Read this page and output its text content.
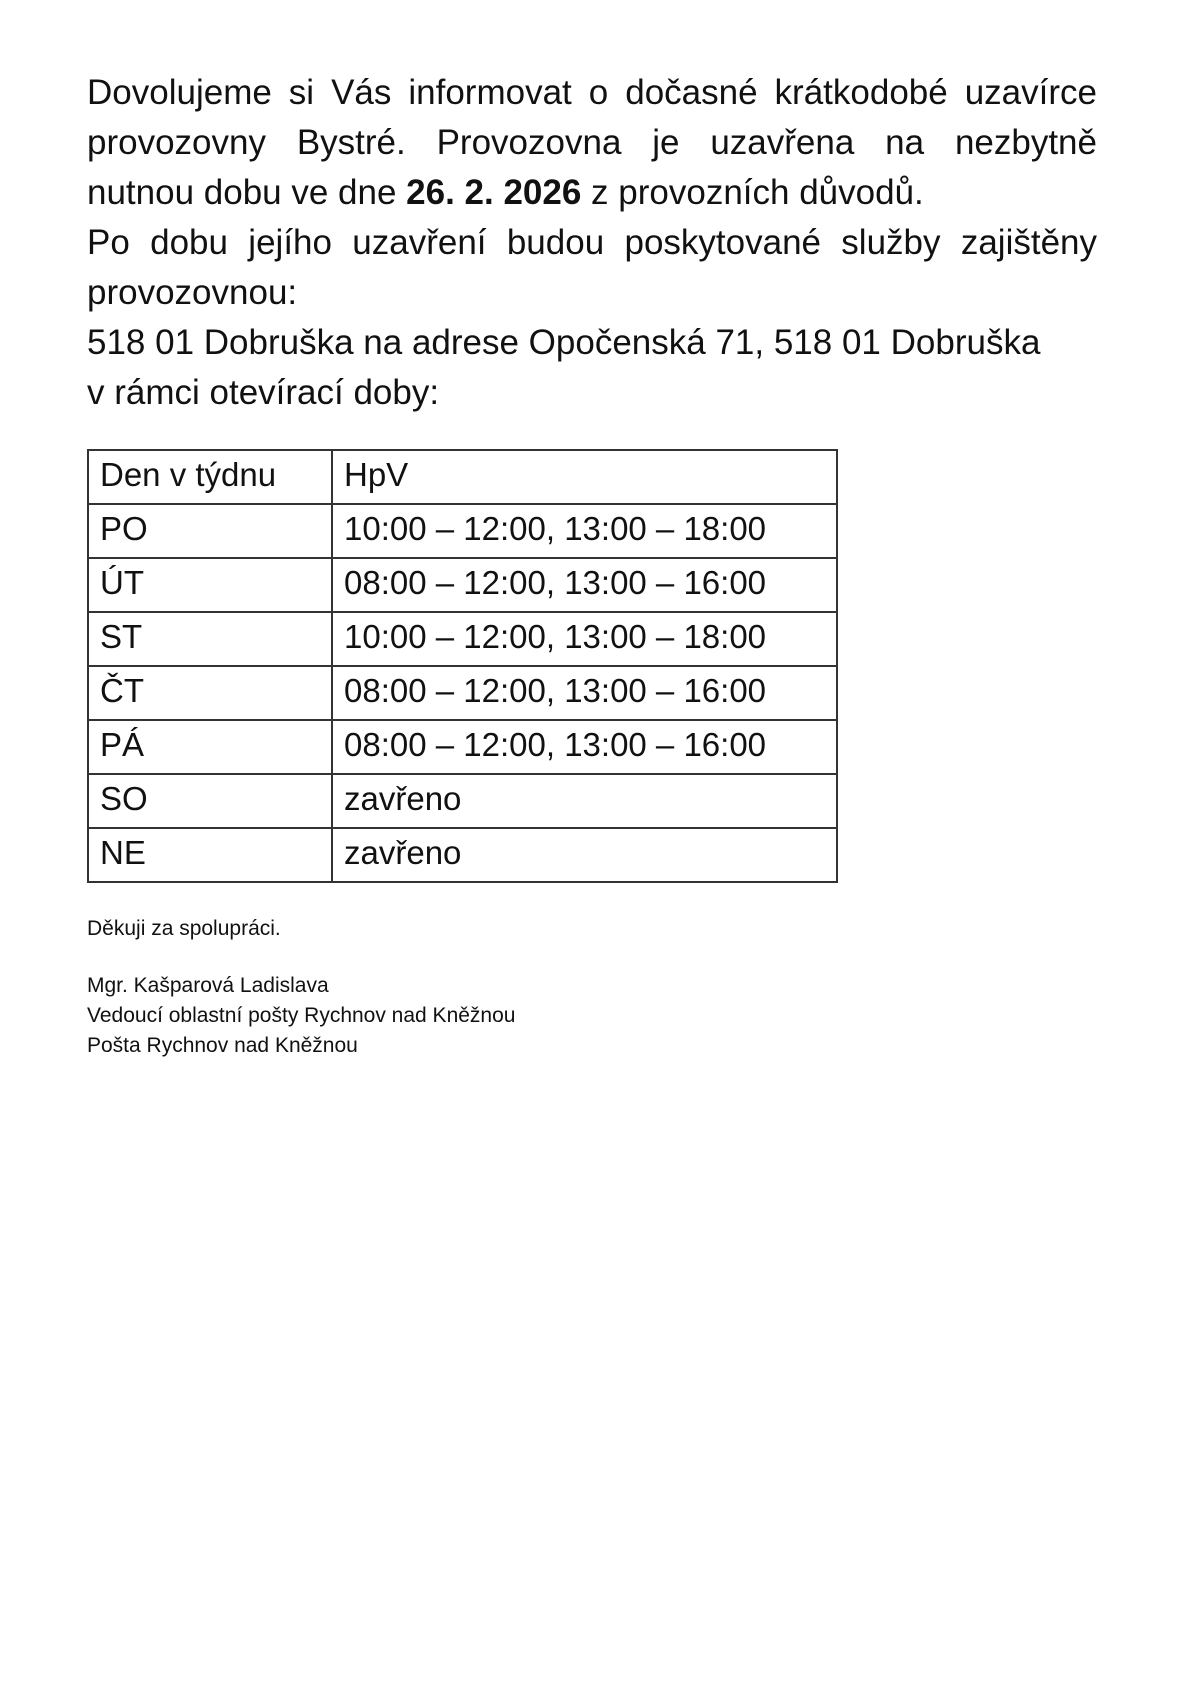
Dovolujeme si Vás informovat o dočasné krátkodobé uzavírce

provozovny Bystré. Provozovna je uzavřena na nezbytně

nutnou dobu ve dne 26. 2. 2026 z provozních důvodů.

Po dobu jejího uzavření budou poskytované služby zajištěny

provozovnou:

518 01 Dobruška na adrese Opočenská 71, 518 01 Dobruška

v rámci otevírací doby:

Den v týdnu	HpV
PO	10:00 – 12:00, 13:00 – 18:00
ÚT	08:00 – 12:00, 13:00 – 16:00
ST	10:00 – 12:00, 13:00 – 18:00
ČT	08:00 – 12:00, 13:00 – 16:00
PÁ	08:00 – 12:00, 13:00 – 16:00
SO	zavřeno
NE	zavřeno

Děkuji za spolupráci.

Mgr. Kašparová Ladislava

Vedoucí oblastní pošty Rychnov nad Kněžnou

Pošta Rychnov nad Kněžnou
